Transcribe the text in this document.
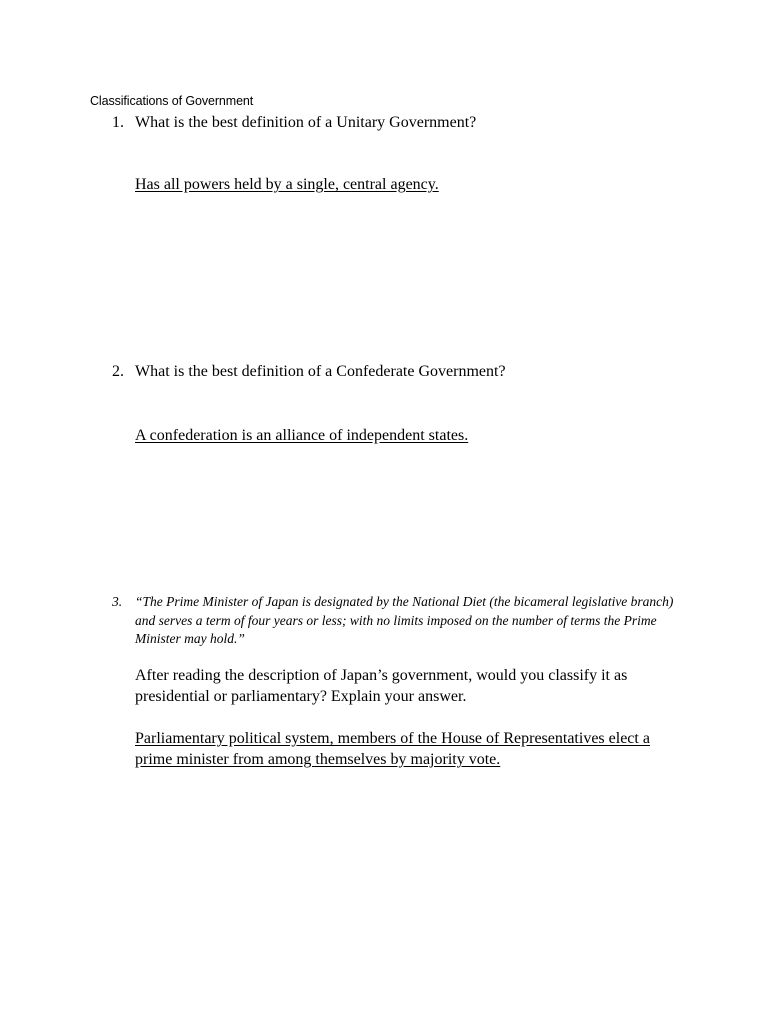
Classifications of Government
1. What is the best definition of a Unitary Government?
Has all powers held by a single, central agency.
2. What is the best definition of a Confederate Government?
A confederation is an alliance of independent states.
3. “The Prime Minister of Japan is designated by the National Diet (the bicameral legislative branch) and serves a term of four years or less; with no limits imposed on the number of terms the Prime Minister may hold.”
After reading the description of Japan’s government, would you classify it as presidential or parliamentary? Explain your answer.
Parliamentary political system, members of the House of Representatives elect a prime minister from among themselves by majority vote.
